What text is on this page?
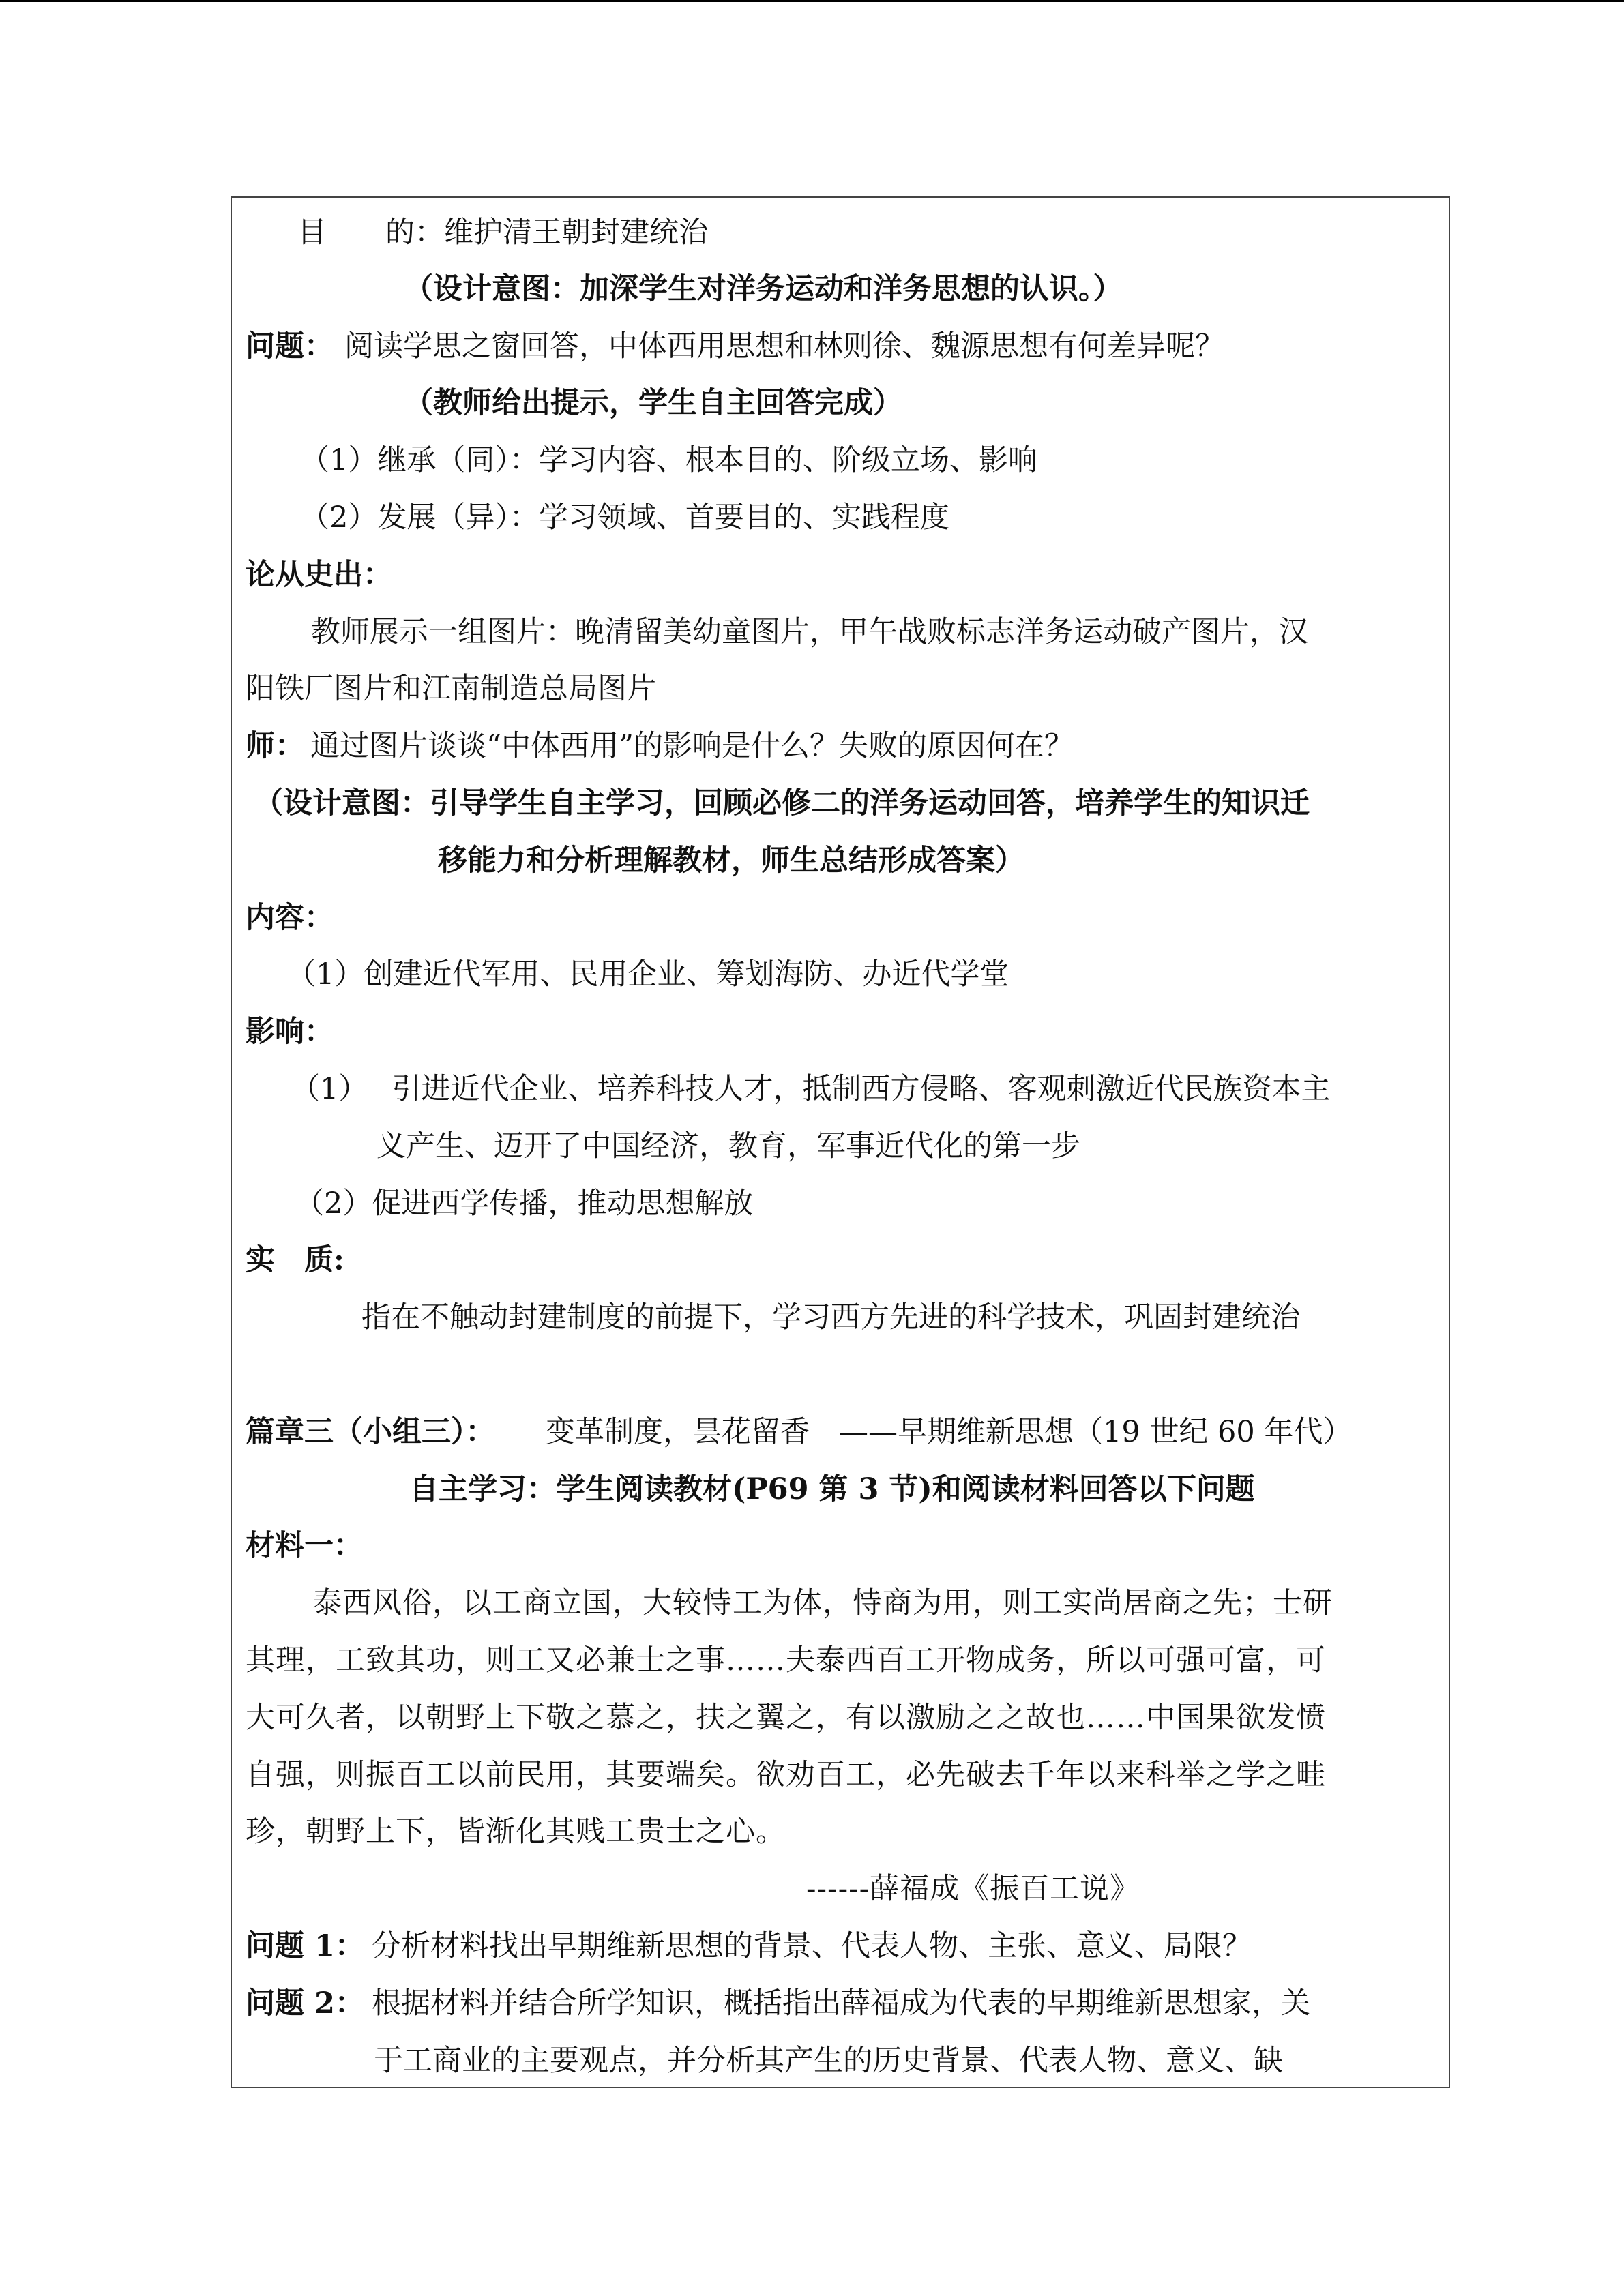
目　　的：维护清王朝封建统治
（设计意图：加深学生对洋务运动和洋务思想的认识。）
问题： 阅读学思之窗回答，中体西用思想和林则徐、魏源思想有何差异呢？
（教师给出提示，学生自主回答完成）
（1）继承（同）：学习内容、根本目的、阶级立场、影响
（2）发展（异）：学习领域、首要目的、实践程度
论从史出：
教师展示一组图片：晚清留美幼童图片，甲午战败标志洋务运动破产图片，汉
阳铁厂图片和江南制造总局图片
师： 通过图片谈谈“中体西用”的影响是什么？失败的原因何在？
（设计意图：引导学生自主学习，回顾必修二的洋务运动回答，培养学生的知识迁
移能力和分析理解教材，师生总结形成答案）
内容：
（1）创建近代军用、民用企业、筹划海防、办近代学堂
影响：
（1）　 引进近代企业、培养科技人才，抵制西方侵略、客观刺激近代民族资本主
义产生、迈开了中国经济，教育，军事近代化的第一步
（2）促进西学传播，推动思想解放
实　质:
指在不触动封建制度的前提下，学习西方先进的科学技术，巩固封建统治
篇章三（小组三）： 变革制度，昙花留香　——早期维新思想（19 世纪 60 年代）
自主学习：学生阅读教材(P69 第 3 节)和阅读材料回答以下问题
材料一：
泰西风俗，以工商立国，大较恃工为体，恃商为用，则工实尚居商之先；士研
其理，工致其功，则工又必兼士之事……夫泰西百工开物成务，所以可强可富，可
大可久者，以朝野上下敬之慕之，扶之翼之，有以激励之之故也……中国果欲发愤
自强，则振百工以前民用，其要端矣。欲劝百工，必先破去千年以来科举之学之畦
珍，朝野上下，皆渐化其贱工贵士之心。
------薛福成《振百工说》
问题 1： 分析材料找出早期维新思想的背景、代表人物、主张、意义、局限？
问题 2： 根据材料并结合所学知识，概括指出薛福成为代表的早期维新思想家，关
于工商业的主要观点，并分析其产生的历史背景、代表人物、意义、缺
